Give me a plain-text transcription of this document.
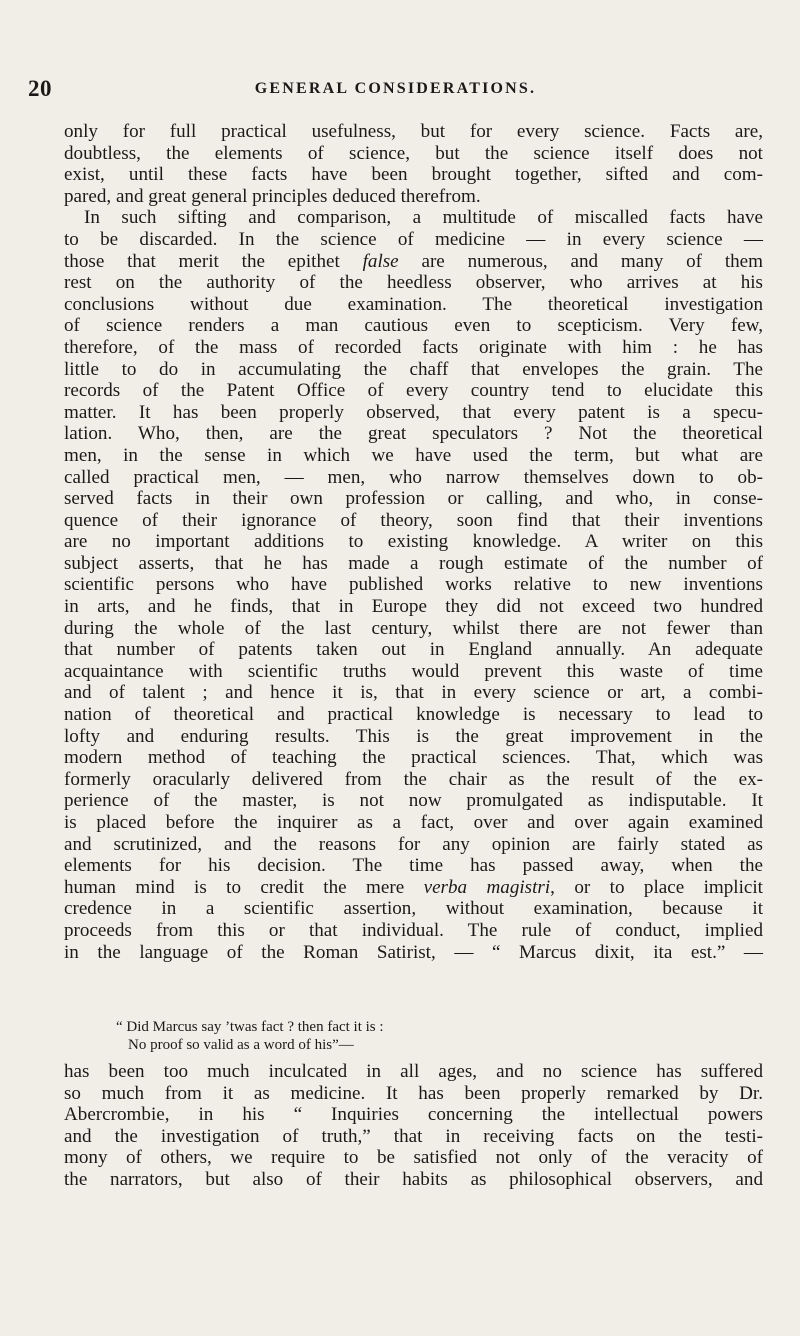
20	GENERAL CONSIDERATIONS.
only for full practical usefulness, but for every science. Facts are,
doubtless, the elements of science, but the science itself does not
exist, until these facts have been brought together, sifted and com-
pared, and great general principles deduced therefrom.
In such sifting and comparison, a multitude of miscalled facts have
to be discarded. In the science of medicine — in every science —
those that merit the epithet false are numerous, and many of them
rest on the authority of the heedless observer, who arrives at his
conclusions without due examination. The theoretical investigation
of science renders a man cautious even to scepticism. Very few,
therefore, of the mass of recorded facts originate with him : he has
little to do in accumulating the chaff that envelopes the grain. The
records of the Patent Office of every country tend to elucidate this
matter. It has been properly observed, that every patent is a specu-
lation. Who, then, are the great speculators ? Not the theoretical
men, in the sense in which we have used the term, but what are
called practical men, — men, who narrow themselves down to ob-
served facts in their own profession or calling, and who, in conse-
quence of their ignorance of theory, soon find that their inventions
are no important additions to existing knowledge. A writer on this
subject asserts, that he has made a rough estimate of the number of
scientific persons who have published works relative to new inventions
in arts, and he finds, that in Europe they did not exceed two hundred
during the whole of the last century, whilst there are not fewer than
that number of patents taken out in England annually. An adequate
acquaintance with scientific truths would prevent this waste of time
and of talent ; and hence it is, that in every science or art, a combi-
nation of theoretical and practical knowledge is necessary to lead to
lofty and enduring results. This is the great improvement in the
modern method of teaching the practical sciences. That, which was
formerly oracularly delivered from the chair as the result of the ex-
perience of the master, is not now promulgated as indisputable. It
is placed before the inquirer as a fact, over and over again examined
and scrutinized, and the reasons for any opinion are fairly stated as
elements for his decision. The time has passed away, when the
human mind is to credit the mere verba magistri, or to place implicit
credence in a scientific assertion, without examination, because it
proceeds from this or that individual. The rule of conduct, implied
in the language of the Roman Satirist, — “ Marcus dixit, ita est.” —
“ Did Marcus say ’twas fact ? then fact it is :
No proof so valid as a word of his”—
has been too much inculcated in all ages, and no science has suffered
so much from it as medicine. It has been properly remarked by Dr.
Abercrombie, in his “ Inquiries concerning the intellectual powers
and the investigation of truth,” that in receiving facts on the testi-
mony of others, we require to be satisfied not only of the veracity of
the narrators, but also of their habits as philosophical observers, and
